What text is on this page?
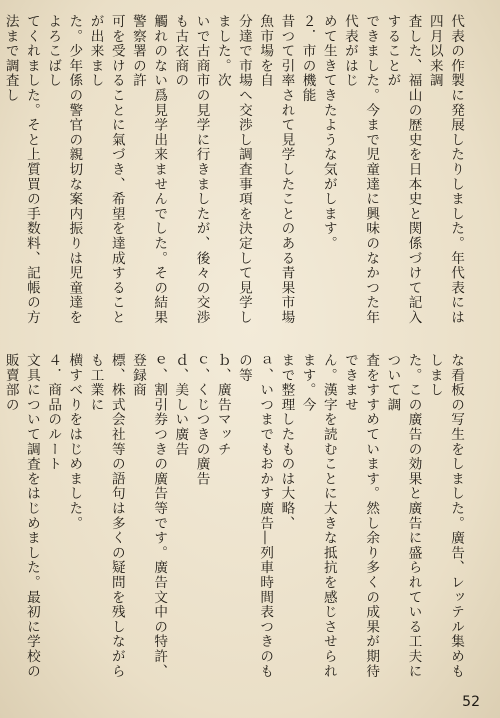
代表の作製に発展したりしました。年代表には四月以来調

査した、福山の歴史を日本史と関係づけて記入することが

できました。今まで児童達に興味のなかつた年代表がはじ

めて生きてきたような気がします。

２．市の機能

昔つて引率されて見学したことのある青果市場魚市場を自

分達で市場へ交渉し調査事項を決定して見学しました。次

いで古商市の見学に行きましたが、後々の交渉も古衣商の

觸れのない爲見学出来ませんでした。その結果警察署の許

可を受けることに氣づき、希望を達成することが出来まし

た。少年係の警官の親切な案内振りは児童達をよろこばし

てくれました。そと上質買の手数料、記帳の方法まで調査し

な看板の写生をしました。廣告、レッテル集めもしまし

た。この廣告の効果と廣告に盛られている工夫について調

査をすすめています。然し余り多くの成果が期待できませ

ん。漢字を読むことに大きな抵抗を感じさせられます。今

まで整理したものは大略、

ａ、いつまでもおかす廣告―列車時間表つきのもの等

ｂ、廣告マッチ

ｃ、くじつきの廣告

ｄ、美しい廣告

ｅ、割引券つきの廣告等です。廣告文中の特許、登録商

標、株式会社等の語句は多くの疑問を残しながらも工業に

横すべりをはじめました。

４．商品のルート

文具について調査をはじめました。最初に学校の販賣部の

52
